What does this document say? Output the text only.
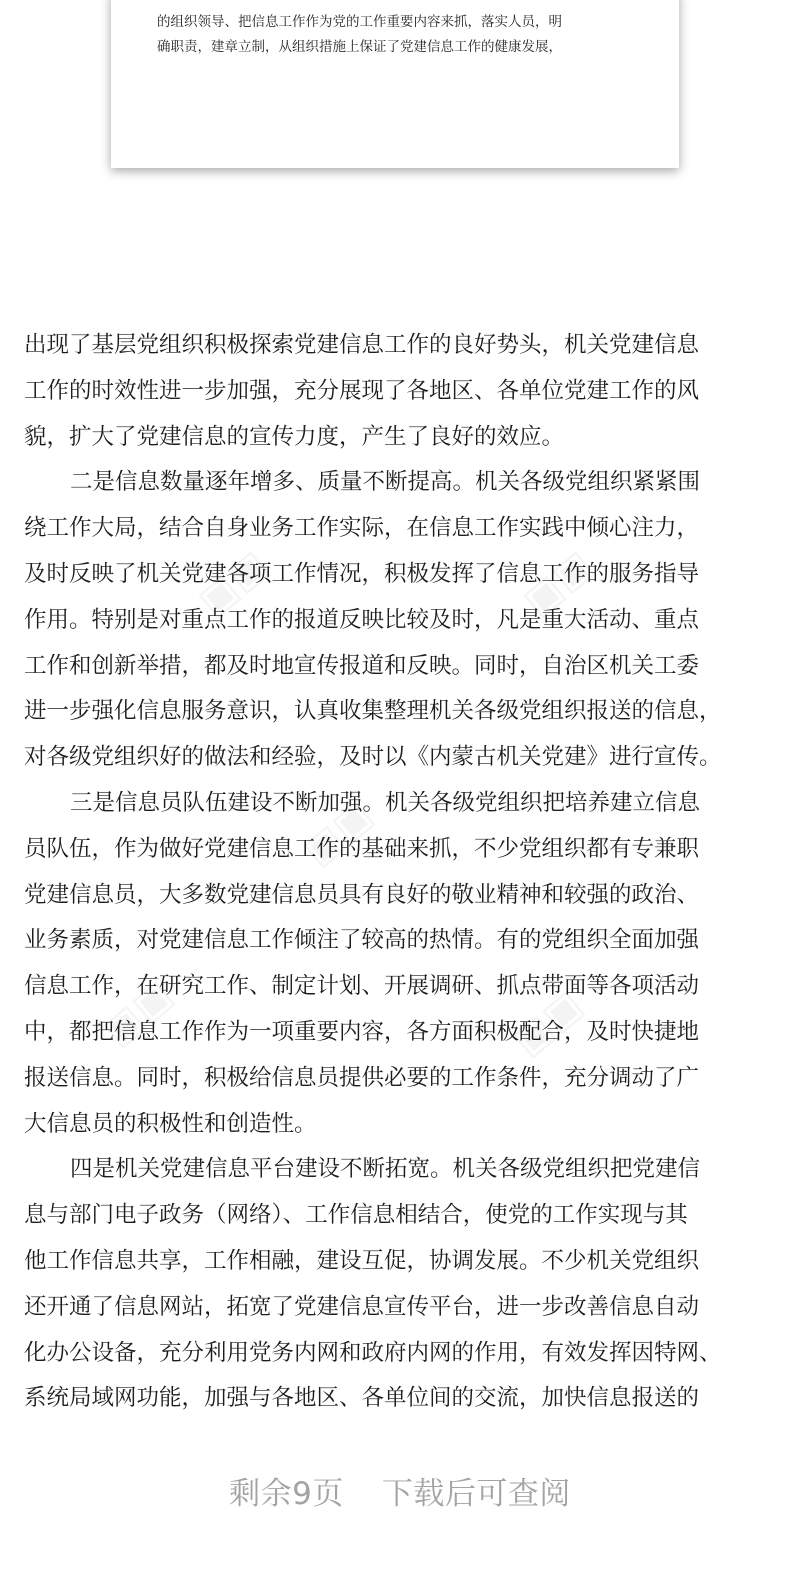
的组织领导、把信息工作作为党的工作重要内容来抓，落实人员，明
确职责，建章立制，从组织措施上保证了党建信息工作的健康发展，
出现了基层党组织积极探索党建信息工作的良好势头，机关党建信息
工作的时效性进一步加强，充分展现了各地区、各单位党建工作的风
貌，扩大了党建信息的宣传力度，产生了良好的效应。
二是信息数量逐年增多、质量不断提高。机关各级党组织紧紧围
绕工作大局，结合自身业务工作实际，在信息工作实践中倾心注力，
及时反映了机关党建各项工作情况，积极发挥了信息工作的服务指导
作用。特别是对重点工作的报道反映比较及时，凡是重大活动、重点
工作和创新举措，都及时地宣传报道和反映。同时，自治区机关工委
进一步强化信息服务意识，认真收集整理机关各级党组织报送的信息，
对各级党组织好的做法和经验，及时以《内蒙古机关党建》进行宣传。
三是信息员队伍建设不断加强。机关各级党组织把培养建立信息
员队伍，作为做好党建信息工作的基础来抓，不少党组织都有专兼职
党建信息员，大多数党建信息员具有良好的敬业精神和较强的政治、
业务素质，对党建信息工作倾注了较高的热情。有的党组织全面加强
信息工作，在研究工作、制定计划、开展调研、抓点带面等各项活动
中，都把信息工作作为一项重要内容，各方面积极配合，及时快捷地
报送信息。同时，积极给信息员提供必要的工作条件，充分调动了广
大信息员的积极性和创造性。
四是机关党建信息平台建设不断拓宽。机关各级党组织把党建信
息与部门电子政务（网络）、工作信息相结合，使党的工作实现与其
他工作信息共享，工作相融，建设互促，协调发展。不少机关党组织
还开通了信息网站，拓宽了党建信息宣传平台，进一步改善信息自动
化办公设备，充分利用党务内网和政府内网的作用，有效发挥因特网、
系统局域网功能，加强与各地区、各单位间的交流，加快信息报送的
剩余9页 下载后可查阅
